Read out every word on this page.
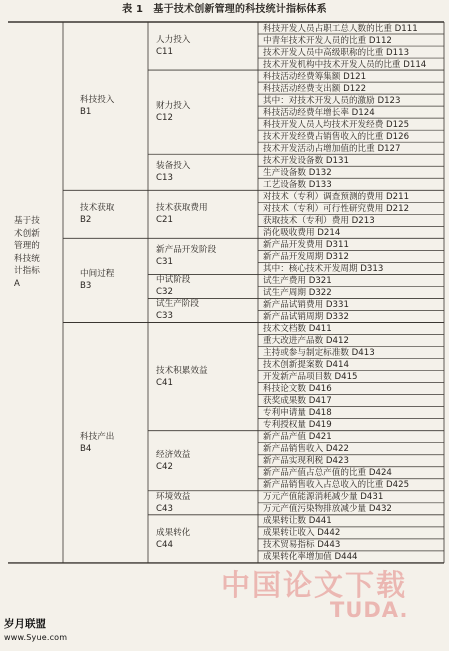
表 1　基于技术创新管理的科技统计指标体系
基于技术创新管理的科技统计指标A
科技开发人员占职工总人数的比重 D111
中青年技术开发人员的比重 D112
技术开发人员中高级职称的比重 D113
技术开发机构中技术开发人员的比重 D114
人力投入
C11
科技活动经费筹集额 D121
科技活动经费支出额 D122
其中：对技术开发人员的激励 D123
科技活动经费年增长率 D124
科技开发人员人均技术开发经费 D125
技术开发经费占销售收入的比重 D126
技术开发活动占增加值的比重 D127
财力投入
C12
技术开发设备数 D131
生产设备数 D132
工艺设备数 D133
装备投入
C13
科技投入
B1
对技术（专利）调查预测的费用 D211
对技术（专利）可行性研究费用 D212
获取技术（专利）费用 D213
消化吸收费用 D214
技术获取费用
C21
技术获取
B2
新产品开发费用 D311
新产品开发周期 D312
其中：核心技术开发周期 D313
新产品开发阶段
C31
试生产费用 D321
试生产周期 D322
中试阶段
C32
新产品试销费用 D331
新产品试销周期 D332
试生产阶段
C33
中间过程
B3
技术文档数 D411
重大改进产品数 D412
主持或参与制定标准数 D413
技术创新提案数 D414
开发新产品项目数 D415
科技论文数 D416
获奖成果数 D417
专利申请量 D418
专利授权量 D419
技术积累效益
C41
新产品产值 D421
新产品销售收入 D422
新产品实现利税 D423
新产品产值占总产值的比重 D424
新产品销售收入占总收入的比重 D425
经济效益
C42
万元产值能源消耗减少量 D431
万元产值污染物排放减少量 D432
环境效益
C43
成果转让数 D441
成果转让收入 D442
技术贸易指标 D443
成果转化率增加值 D444
成果转化
C44
科技产出
B4
中国论文下载
TUDA.
岁月联盟
www.Syue.com
